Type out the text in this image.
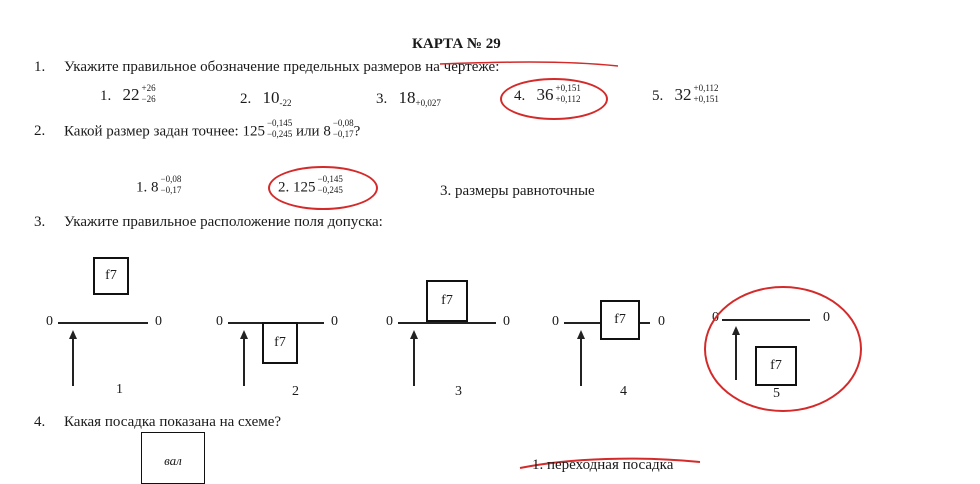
КАРТА № 29
1. Укажите правильное обозначение предельных размеров на чертеже:
1. 22 +26
−26	2. $10_{-22}$	3. $18_{+0,027}$	4. 36 +0,151
+0,112	5. 32 +0,112
+0,151
2. Какой размер задан точнее: 125
−0,145
−0,245 или 8
−0,08
−0,17 ?
1. 8
−0,08
−0,17	2. 125
−0,145
−0,245	3. размеры равноточные
3. Укажите правильное расположение поля допуска:
f7
0	0
1
0	0
f7
2
f7
0	0
3
0	0
f7
4
0	0
f7
5
4. Какая посадка показана на схеме?
вал	1. переходная посадка
